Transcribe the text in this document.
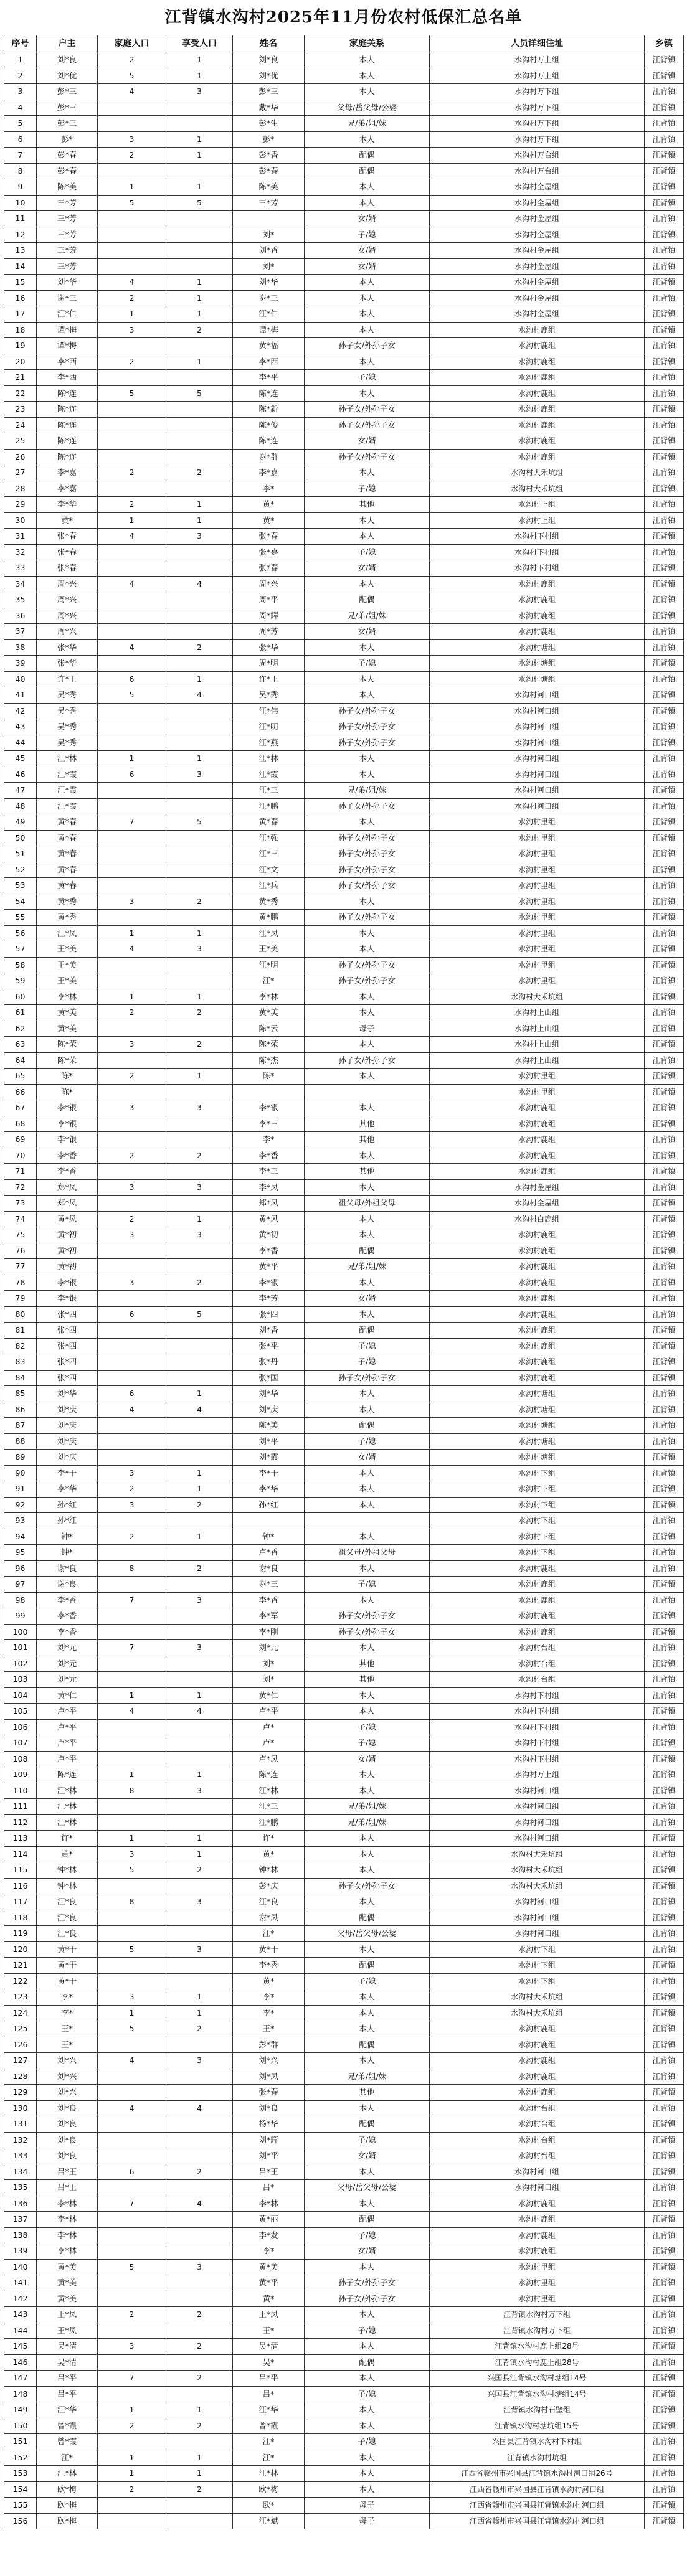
江背镇水沟村2025年11月份农村低保汇总名单
序号	户主	家庭人口	享受人口	姓名	家庭关系	人员详细住址	乡镇
1	刘*良	2	1	刘*良	本人	水沟村万上组	江背镇
2	刘*优	5	1	刘*优	本人	水沟村万上组	江背镇
3	彭*三	4	3	彭*三	本人	水沟村万下组	江背镇
4	彭*三			戴*华	父母/岳父母/公婆	水沟村万下组	江背镇
5	彭*三			彭*生	兄/弟/姐/妹	水沟村万下组	江背镇
6	彭*	3	1	彭*	本人	水沟村万下组	江背镇
7	彭*春	2	1	彭*香	配偶	水沟村万台组	江背镇
8	彭*春			彭*春	配偶	水沟村万台组	江背镇
9	陈*美	1	1	陈*美	本人	水沟村金屋组	江背镇
10	三*芳	5	5	三*芳	本人	水沟村金屋组	江背镇
11	三*芳				女/婿	水沟村金屋组	江背镇
12	三*芳			刘*	子/媳	水沟村金屋组	江背镇
13	三*芳			刘*香	女/婿	水沟村金屋组	江背镇
14	三*芳			刘*	女/婿	水沟村金屋组	江背镇
15	刘*华	4	1	刘*华	本人	水沟村金屋组	江背镇
16	谢*三	2	1	谢*三	本人	水沟村金屋组	江背镇
17	江*仁	1	1	江*仁	本人	水沟村金屋组	江背镇
18	谭*梅	3	2	谭*梅	本人	水沟村鹿组	江背镇
19	谭*梅			黄*福	孙子女/外孙子女	水沟村鹿组	江背镇
20	李*西	2	1	李*西	本人	水沟村鹿组	江背镇
21	李*西			李*平	子/媳	水沟村鹿组	江背镇
22	陈*连	5	5	陈*连	本人	水沟村鹿组	江背镇
23	陈*连			陈*新	孙子女/外孙子女	水沟村鹿组	江背镇
24	陈*连			陈*俊	孙子女/外孙子女	水沟村鹿组	江背镇
25	陈*连			陈*连	女/婿	水沟村鹿组	江背镇
26	陈*连			谢*群	孙子女/外孙子女	水沟村鹿组	江背镇
27	李*嘉	2	2	李*嘉	本人	水沟村大禾坑组	江背镇
28	李*嘉			李*	子/媳	水沟村大禾坑组	江背镇
29	李*华	2	1	黄*	其他	水沟村上组	江背镇
30	黄*	1	1	黄*	本人	水沟村上组	江背镇
31	张*春	4	3	张*春	本人	水沟村下村组	江背镇
32	张*春			张*嘉	子/媳	水沟村下村组	江背镇
33	张*春			张*春	女/婿	水沟村下村组	江背镇
34	周*兴	4	4	周*兴	本人	水沟村鹿组	江背镇
35	周*兴			周*平	配偶	水沟村鹿组	江背镇
36	周*兴			周*辉	兄/弟/姐/妹	水沟村鹿组	江背镇
37	周*兴			周*芳	女/婿	水沟村鹿组	江背镇
38	张*华	4	2	张*华	本人	水沟村塘组	江背镇
39	张*华			周*明	子/媳	水沟村塘组	江背镇
40	许*王	6	1	许*王	本人	水沟村塘组	江背镇
41	吴*秀	5	4	吴*秀	本人	水沟村河口组	江背镇
42	吴*秀			江*伟	孙子女/外孙子女	水沟村河口组	江背镇
43	吴*秀			江*明	孙子女/外孙子女	水沟村河口组	江背镇
44	吴*秀			江*燕	孙子女/外孙子女	水沟村河口组	江背镇
45	江*林	1	1	江*林	本人	水沟村河口组	江背镇
46	江*霞	6	3	江*霞	本人	水沟村河口组	江背镇
47	江*霞			江*三	兄/弟/姐/妹	水沟村河口组	江背镇
48	江*霞			江*鹏	孙子女/外孙子女	水沟村河口组	江背镇
49	黄*春	7	5	黄*春	本人	水沟村里组	江背镇
50	黄*春			江*强	孙子女/外孙子女	水沟村里组	江背镇
51	黄*春			江*三	孙子女/外孙子女	水沟村里组	江背镇
52	黄*春			江*文	孙子女/外孙子女	水沟村里组	江背镇
53	黄*春			江*兵	孙子女/外孙子女	水沟村里组	江背镇
54	黄*秀	3	2	黄*秀	本人	水沟村里组	江背镇
55	黄*秀			黄*鹏	孙子女/外孙子女	水沟村里组	江背镇
56	江*凤	1	1	江*凤	本人	水沟村里组	江背镇
57	王*美	4	3	王*美	本人	水沟村里组	江背镇
58	王*美			江*明	孙子女/外孙子女	水沟村里组	江背镇
59	王*美			江*	孙子女/外孙子女	水沟村里组	江背镇
60	李*林	1	1	李*林	本人	水沟村大禾坑组	江背镇
61	黄*美	2	2	黄*美	本人	水沟村上山组	江背镇
62	黄*美			陈*云	母子	水沟村上山组	江背镇
63	陈*荣	3	2	陈*荣	本人	水沟村上山组	江背镇
64	陈*荣			陈*杰	孙子女/外孙子女	水沟村上山组	江背镇
65	陈*	2	1	陈*	本人	水沟村里组	江背镇
66	陈*					水沟村里组	江背镇
67	李*银	3	3	李*银	本人	水沟村鹿组	江背镇
68	李*银			李*三	其他	水沟村鹿组	江背镇
69	李*银			李*	其他	水沟村鹿组	江背镇
70	李*香	2	2	李*香	本人	水沟村鹿组	江背镇
71	李*香			李*三	其他	水沟村鹿组	江背镇
72	郑*凤	3	3	李*凤	本人	水沟村金屋组	江背镇
73	郑*凤			郑*凤	祖父母/外祖父母	水沟村金屋组	江背镇
74	黄*风	2	1	黄*风	本人	水沟村白鹿组	江背镇
75	黄*初	3	3	黄*初	本人	水沟村鹿组	江背镇
76	黄*初			李*香	配偶	水沟村鹿组	江背镇
77	黄*初			黄*平	兄/弟/姐/妹	水沟村鹿组	江背镇
78	李*银	3	2	李*银	本人	水沟村鹿组	江背镇
79	李*银			李*芳	女/婿	水沟村鹿组	江背镇
80	张*四	6	5	张*四	本人	水沟村鹿组	江背镇
81	张*四			刘*香	配偶	水沟村鹿组	江背镇
82	张*四			张*平	子/媳	水沟村鹿组	江背镇
83	张*四			张*丹	子/媳	水沟村鹿组	江背镇
84	张*四			张*国	孙子女/外孙子女	水沟村鹿组	江背镇
85	刘*华	6	1	刘*华	本人	水沟村塘组	江背镇
86	刘*庆	4	4	刘*庆	本人	水沟村塘组	江背镇
87	刘*庆			陈*美	配偶	水沟村塘组	江背镇
88	刘*庆			刘*平	子/媳	水沟村塘组	江背镇
89	刘*庆			刘*霞	女/婿	水沟村塘组	江背镇
90	李*干	3	1	李*干	本人	水沟村下组	江背镇
91	李*华	2	1	李*华	本人	水沟村下组	江背镇
92	孙*红	3	2	孙*红	本人	水沟村下组	江背镇
93	孙*红					水沟村下组	江背镇
94	钟*	2	1	钟*	本人	水沟村下组	江背镇
95	钟*			卢*香	祖父母/外祖父母	水沟村下组	江背镇
96	谢*良	8	2	谢*良	本人	水沟村鹿组	江背镇
97	谢*良			谢*三	子/媳	水沟村鹿组	江背镇
98	李*香	7	3	李*香	本人	水沟村鹿组	江背镇
99	李*香			李*军	孙子女/外孙子女	水沟村鹿组	江背镇
100	李*香			李*刚	孙子女/外孙子女	水沟村鹿组	江背镇
101	刘*元	7	3	刘*元	本人	水沟村台组	江背镇
102	刘*元			刘*	其他	水沟村台组	江背镇
103	刘*元			刘*	其他	水沟村台组	江背镇
104	黄*仁	1	1	黄*仁	本人	水沟村下村组	江背镇
105	卢*平	4	4	卢*平	本人	水沟村下村组	江背镇
106	卢*平			卢*	子/媳	水沟村下村组	江背镇
107	卢*平			卢*	子/媳	水沟村下村组	江背镇
108	卢*平			卢*凤	女/婿	水沟村下村组	江背镇
109	陈*连	1	1	陈*连	本人	水沟村万上组	江背镇
110	江*林	8	3	江*林	本人	水沟村河口组	江背镇
111	江*林			江*三	兄/弟/姐/妹	水沟村河口组	江背镇
112	江*林			江*鹏	兄/弟/姐/妹	水沟村河口组	江背镇
113	许*	1	1	许*	本人	水沟村河口组	江背镇
114	黄*	3	1	黄*	本人	水沟村大禾坑组	江背镇
115	钟*林	5	2	钟*林	本人	水沟村大禾坑组	江背镇
116	钟*林			彭*庆	孙子女/外孙子女	水沟村大禾坑组	江背镇
117	江*良	8	3	江*良	本人	水沟村河口组	江背镇
118	江*良			谢*凤	配偶	水沟村河口组	江背镇
119	江*良			江*	父母/岳父母/公婆	水沟村河口组	江背镇
120	黄*干	5	3	黄*干	本人	水沟村下组	江背镇
121	黄*干			李*秀	配偶	水沟村下组	江背镇
122	黄*干			黄*	子/媳	水沟村下组	江背镇
123	李*	3	1	李*	本人	水沟村大禾坑组	江背镇
124	李*	1	1	李*	本人	水沟村大禾坑组	江背镇
125	王*	5	2	王*	本人	水沟村鹿组	江背镇
126	王*			彭*群	配偶	水沟村鹿组	江背镇
127	刘*兴	4	3	刘*兴	本人	水沟村鹿组	江背镇
128	刘*兴			刘*凤	兄/弟/姐/妹	水沟村鹿组	江背镇
129	刘*兴			张*春	其他	水沟村鹿组	江背镇
130	刘*良	4	4	刘*良	本人	水沟村台组	江背镇
131	刘*良			杨*华	配偶	水沟村台组	江背镇
132	刘*良			刘*辉	子/媳	水沟村台组	江背镇
133	刘*良			刘*平	女/婿	水沟村台组	江背镇
134	吕*王	6	2	吕*王	本人	水沟村河口组	江背镇
135	吕*王			吕*	父母/岳父母/公婆	水沟村河口组	江背镇
136	李*林	7	4	李*林	本人	水沟村鹿组	江背镇
137	李*林			黄*丽	配偶	水沟村鹿组	江背镇
138	李*林			李*发	子/媳	水沟村鹿组	江背镇
139	李*林			李*	女/婿	水沟村鹿组	江背镇
140	黄*美	5	3	黄*美	本人	水沟村里组	江背镇
141	黄*美			黄*平	孙子女/外孙子女	水沟村里组	江背镇
142	黄*美			黄*	孙子女/外孙子女	水沟村里组	江背镇
143	王*凤	2	2	王*凤	本人	江背镇水沟村万下组	江背镇
144	王*凤			王*	子/媳	江背镇水沟村万下组	江背镇
145	吴*清	3	2	吴*清	本人	江背镇水沟村鹿上组28号	江背镇
146	吴*清			吴*	配偶	江背镇水沟村鹿上组28号	江背镇
147	吕*平	7	2	吕*平	本人	兴国县江背镇水沟村塘组14号	江背镇
148	吕*平			吕*	子/媳	兴国县江背镇水沟村塘组14号	江背镇
149	江*华	1	1	江*华	本人	江背镇水沟村石壁组	江背镇
150	曾*霞	2	2	曾*霞	本人	江背镇水沟村塘坑组15号	江背镇
151	曾*霞			江*	子/媳	兴国县江背镇水沟村下村组	江背镇
152	江*	1	1	江*	本人	江背镇水沟村坑组	江背镇
153	江*林	1	1	江*林	本人	江西省赣州市兴国县江背镇水沟村河口组26号	江背镇
154	欧*梅	2	2	欧*梅	本人	江西省赣州市兴国县江背镇水沟村河口组	江背镇
155	欧*梅			欧*	母子	江西省赣州市兴国县江背镇水沟村河口组	江背镇
156	欧*梅			江*斌	母子	江西省赣州市兴国县江背镇水沟村河口组	江背镇
